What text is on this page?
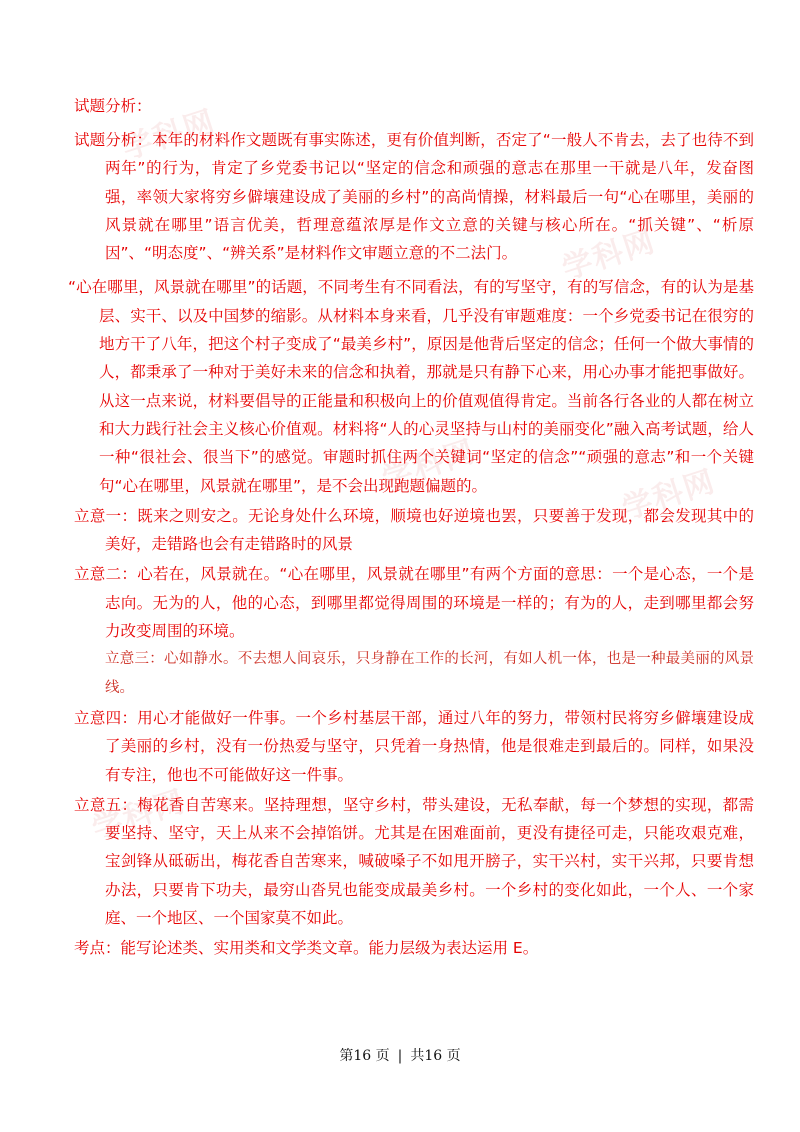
学科网
学科网
学科网	学科网
学科网

试题分析：

试题分析：本年的材料作文题既有事实陈述，更有价值判断，否定了“一般人不肯去，去了也待不到两年”的行为，肯定了乡党委书记以“坚定的信念和顽强的意志在那里一干就是八年，发奋图强，率领大家将穷乡僻壤建设成了美丽的乡村”的高尚情操，材料最后一句“心在哪里，美丽的风景就在哪里”语言优美，哲理意蕴浓厚是作文立意的关键与核心所在。“抓关键”、“析原因”、“明态度”、“辨关系”是材料作文审题立意的不二法门。

“心在哪里，风景就在哪里”的话题，不同考生有不同看法，有的写坚守，有的写信念，有的认为是基层、实干、以及中国梦的缩影。从材料本身来看，几乎没有审题难度：一个乡党委书记在很穷的地方干了八年，把这个村子变成了“最美乡村”，原因是他背后坚定的信念；任何一个做大事情的人，都秉承了一种对于美好未来的信念和执着，那就是只有静下心来，用心办事才能把事做好。从这一点来说，材料要倡导的正能量和积极向上的价值观值得肯定。当前各行各业的人都在树立和大力践行社会主义核心价值观。材料将“人的心灵坚持与山村的美丽变化”融入高考试题，给人一种“很社会、很当下”的感觉。审题时抓住两个关键词“坚定的信念”“顽强的意志”和一个关键句“心在哪里，风景就在哪里”，是不会出现跑题偏题的。

立意一：既来之则安之。无论身处什么环境，顺境也好逆境也罢，只要善于发现，都会发现其中的美好，走错路也会有走错路时的风景

立意二：心若在，风景就在。“心在哪里，风景就在哪里”有两个方面的意思：一个是心态，一个是志向。无为的人，他的心态，到哪里都觉得周围的环境是一样的；有为的人，走到哪里都会努力改变周围的环境。

立意三：心如静水。不去想人间哀乐，只身静在工作的长河，有如人机一体，也是一种最美丽的风景线。

立意四：用心才能做好一件事。一个乡村基层干部，通过八年的努力，带领村民将穷乡僻壤建设成了美丽的乡村，没有一份热爱与坚守，只凭着一身热情，他是很难走到最后的。同样，如果没有专注，他也不可能做好这一件事。

立意五：梅花香自苦寒来。坚持理想，坚守乡村，带头建设，无私奉献，每一个梦想的实现，都需要坚持、坚守，天上从来不会掉馅饼。尤其是在困难面前，更没有捷径可走，只能攻艰克难，宝剑锋从砥砺出，梅花香自苦寒来，喊破嗓子不如甩开膀子，实干兴村，实干兴邦，只要肯想办法，只要肯下功夫，最穷山沓旯也能变成最美乡村。一个乡村的变化如此，一个人、一个家庭、一个地区、一个国家莫不如此。

考点：能写论述类、实用类和文学类文章。能力层级为表达运用 E。

第16 页 | 共16 页
